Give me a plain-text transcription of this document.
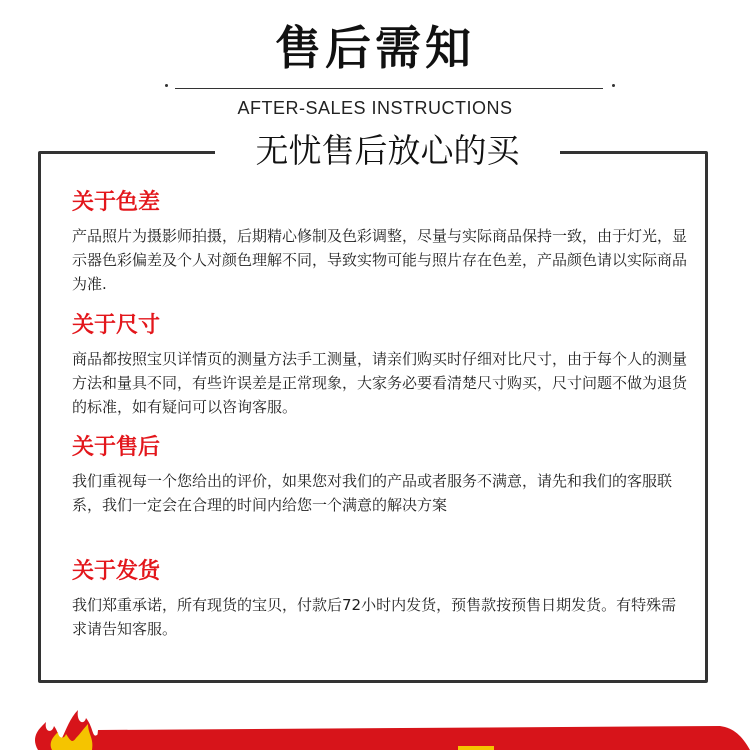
售后需知
AFTER-SALES INSTRUCTIONS
无忧售后放心的买
关于色差

产品照片为摄影师拍摄，后期精心修制及色彩调整，尽量与实际商品保持一致，由于灯光，显示器色彩偏差及个人对颜色理解不同，导致实物可能与照片存在色差，产品颜色请以实际商品为准.

关于尺寸

商品都按照宝贝详情页的测量方法手工测量，请亲们购买时仔细对比尺寸，由于每个人的测量方法和量具不同，有些许误差是正常现象，大家务必要看清楚尺寸购买，尺寸问题不做为退货的标准，如有疑问可以咨询客服。

关于售后

我们重视每一个您给出的评价，如果您对我们的产品或者服务不满意，请先和我们的客服联系，我们一定会在合理的时间内给您一个满意的解决方案

关于发货

我们郑重承诺，所有现货的宝贝，付款后72小时内发货，预售款按预售日期发货。有特殊需求请告知客服。
